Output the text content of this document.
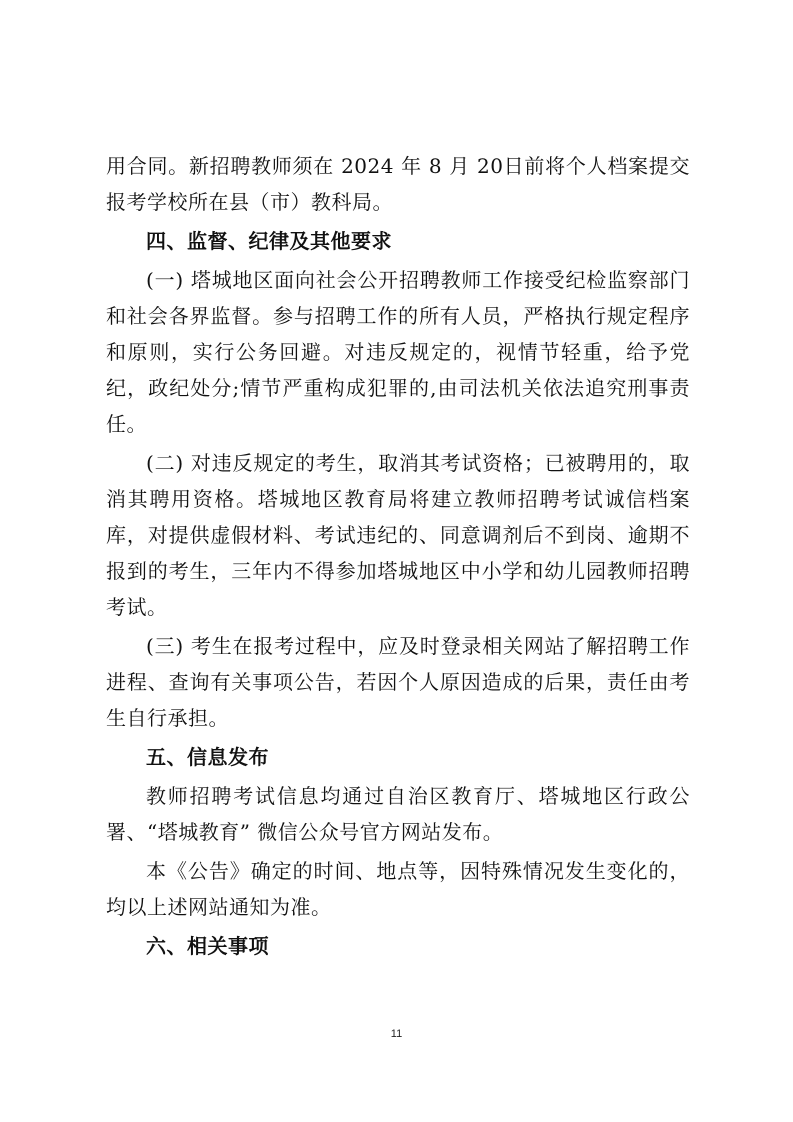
用合同。新招聘教师须在 2024 年 8 月 20日前将个人档案提交报考学校所在县（市）教科局。

四、监督、纪律及其他要求

(一) 塔城地区面向社会公开招聘教师工作接受纪检监察部门和社会各界监督。参与招聘工作的所有人员，严格执行规定程序和原则，实行公务回避。对违反规定的，视情节轻重，给予党纪，政纪处分;情节严重构成犯罪的,由司法机关依法追究刑事责任。

(二) 对违反规定的考生，取消其考试资格；已被聘用的，取消其聘用资格。塔城地区教育局将建立教师招聘考试诚信档案库，对提供虚假材料、考试违纪的、同意调剂后不到岗、逾期不报到的考生，三年内不得参加塔城地区中小学和幼儿园教师招聘考试。

(三) 考生在报考过程中，应及时登录相关网站了解招聘工作进程、查询有关事项公告，若因个人原因造成的后果，责任由考生自行承担。

五、信息发布

教师招聘考试信息均通过自治区教育厅、塔城地区行政公署、“塔城教育” 微信公众号官方网站发布。

本《公告》确定的时间、地点等，因特殊情况发生变化的，均以上述网站通知为准。

六、相关事项

11
